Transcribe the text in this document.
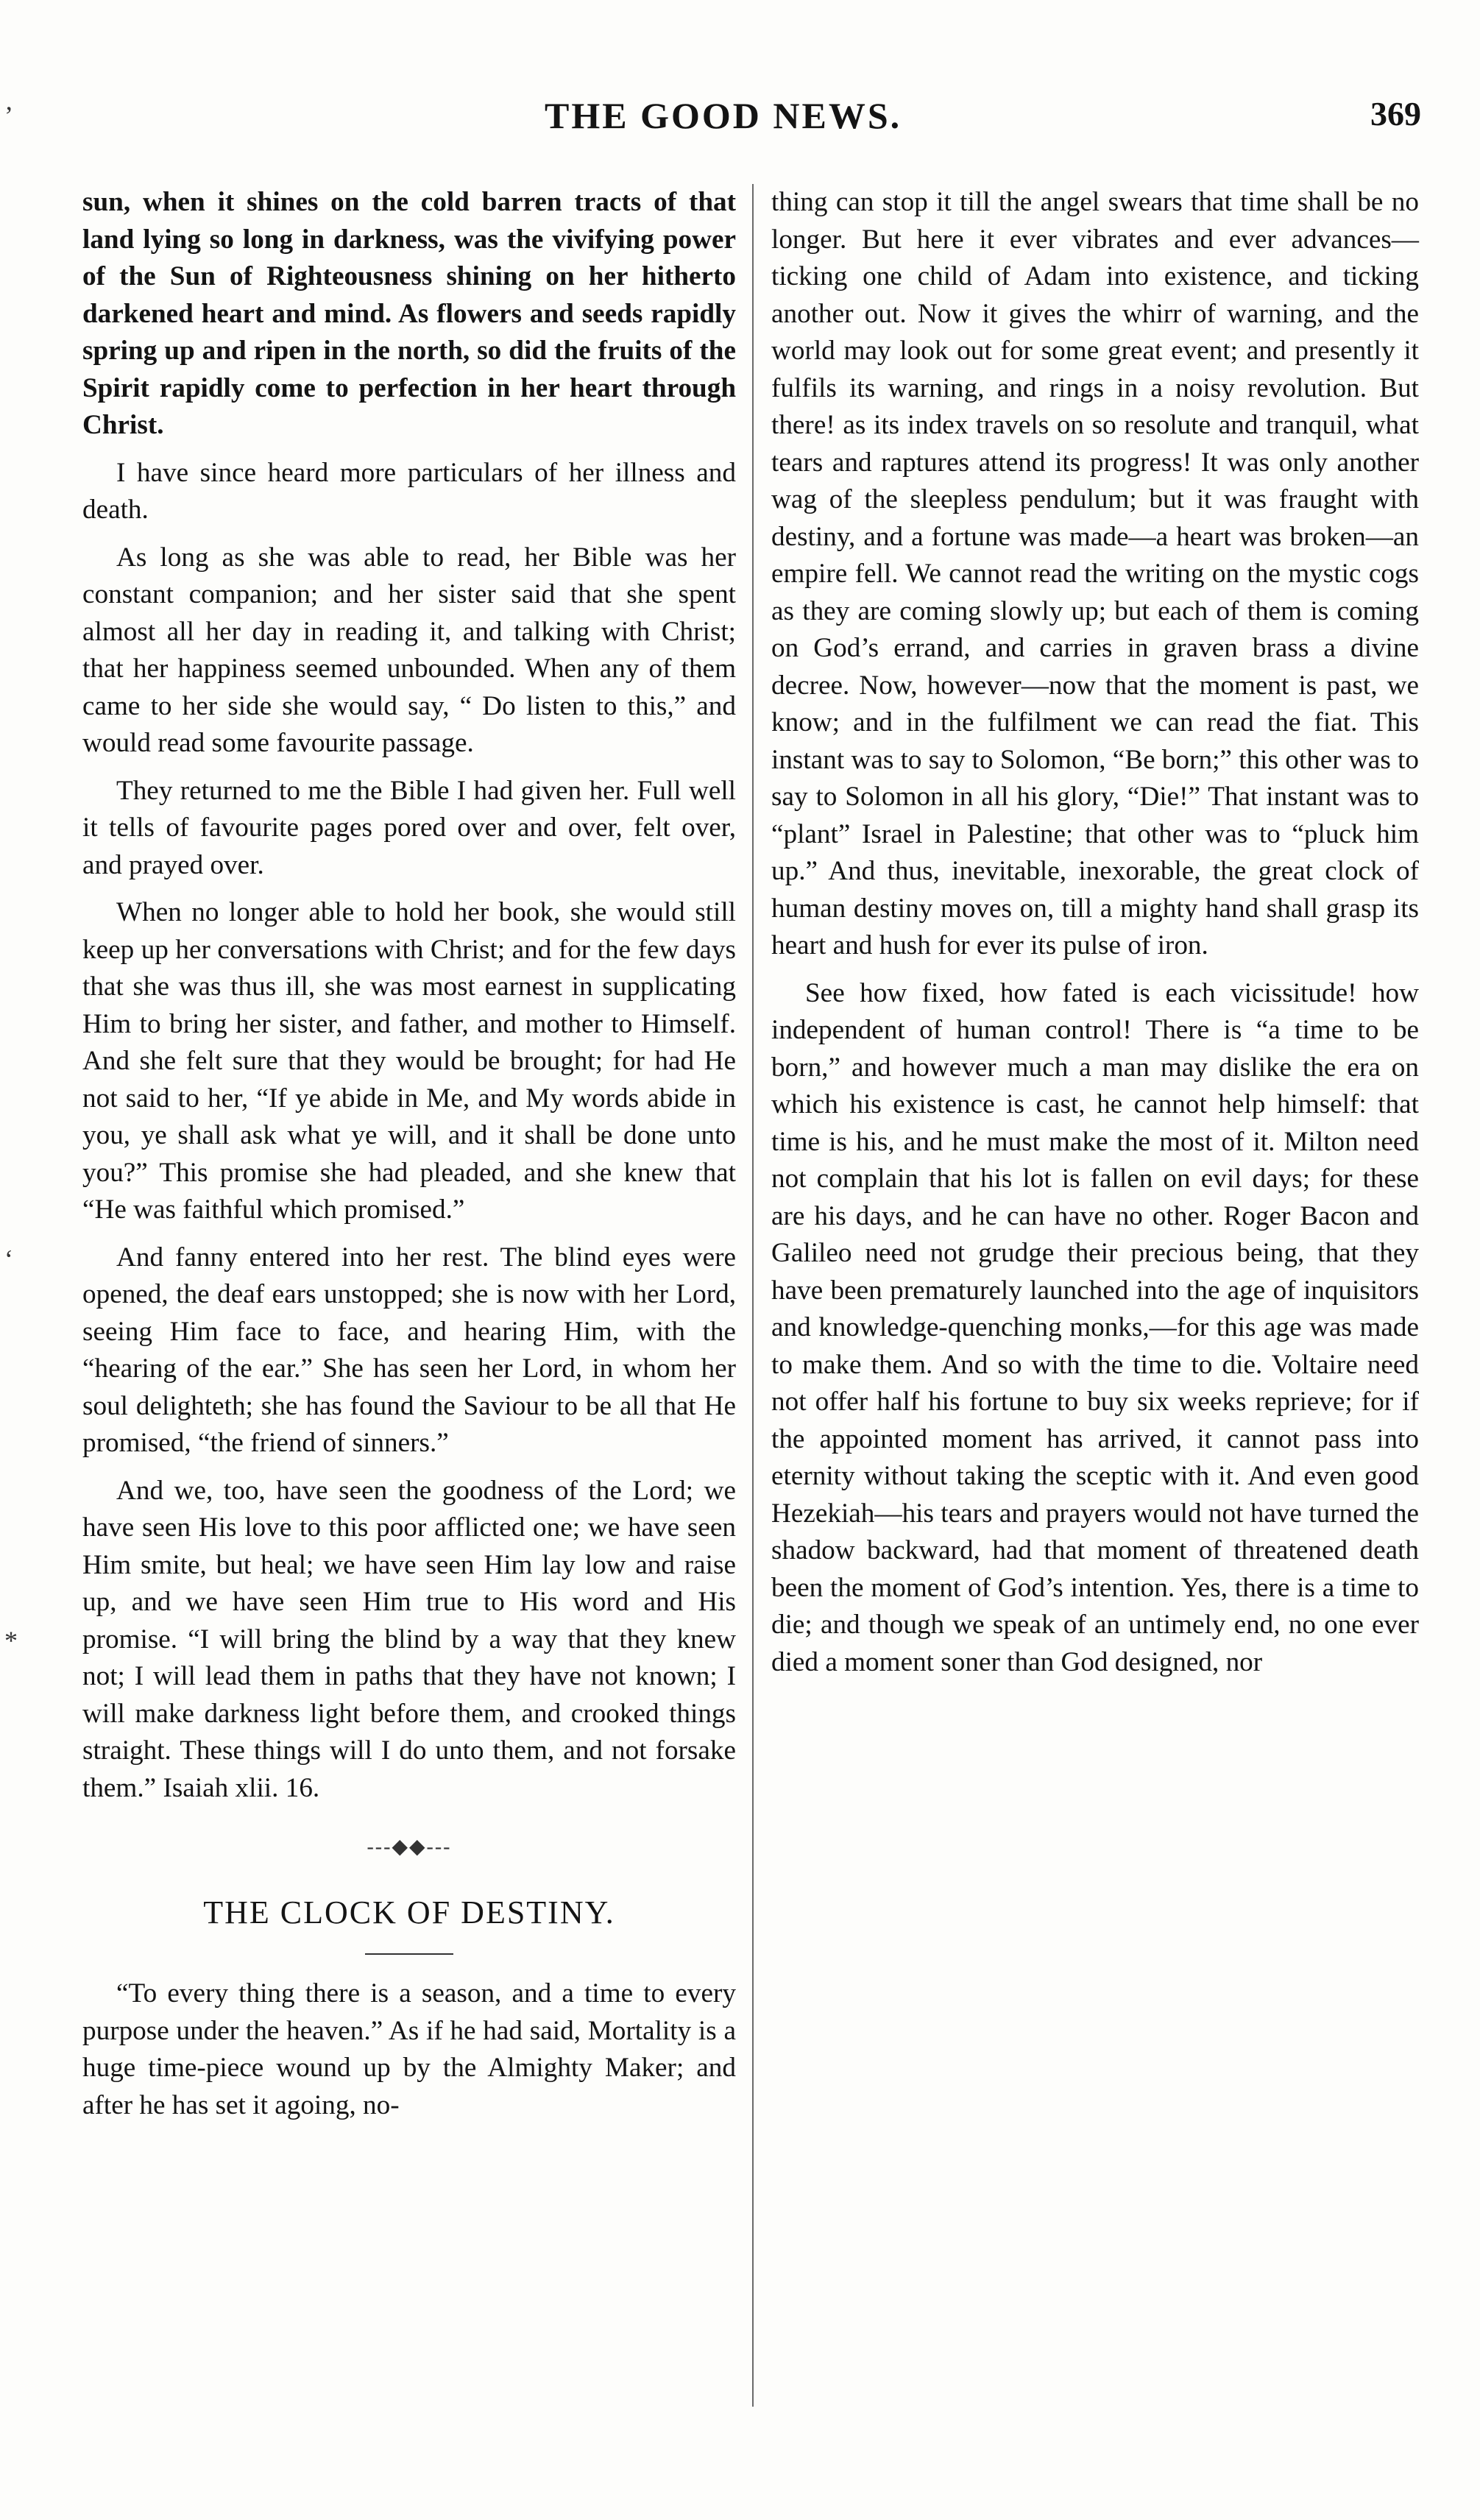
THE GOOD NEWS.	369
’
‘
*

sun, when it shines on the cold barren tracts of that land lying so long in darkness, was the vivifying power of the Sun of Righteousness shining on her hitherto darkened heart and mind. As flowers and seeds rapidly spring up and ripen in the north, so did the fruits of the Spirit rapidly come to perfection in her heart through Christ.

I have since heard more particulars of her illness and death.

As long as she was able to read, her Bible was her constant companion; and her sister said that she spent almost all her day in reading it, and talking with Christ; that her happiness seemed unbounded. When any of them came to her side she would say, “ Do listen to this,” and would read some favourite passage.

They returned to me the Bible I had given her. Full well it tells of favourite pages pored over and over, felt over, and prayed over.

When no longer able to hold her book, she would still keep up her conversations with Christ; and for the few days that she was thus ill, she was most earnest in supplicating Him to bring her sister, and father, and mother to Himself. And she felt sure that they would be brought; for had He not said to her, “If ye abide in Me, and My words abide in you, ye shall ask what ye will, and it shall be done unto you?” This promise she had pleaded, and she knew that “He was faithful which promised.”

And fanny entered into her rest. The blind eyes were opened, the deaf ears unstopped; she is now with her Lord, seeing Him face to face, and hearing Him, with the “hearing of the ear.” She has seen her Lord, in whom her soul delighteth; she has found the Saviour to be all that He promised, “the friend of sinners.”

And we, too, have seen the goodness of the Lord; we have seen His love to this poor afflicted one; we have seen Him smite, but heal; we have seen Him lay low and raise up, and we have seen Him true to His word and His promise. “I will bring the blind by a way that they knew not; I will lead them in paths that they have not known; I will make darkness light before them, and crooked things straight. These things will I do unto them, and not forsake them.” Isaiah xlii. 16.

---◆◆---
THE CLOCK OF DESTINY.

“To every thing there is a season, and a time to every purpose under the heaven.” As if he had said, Mortality is a huge time-piece wound up by the Almighty Maker; and after he has set it agoing, no-

thing can stop it till the angel swears that time shall be no longer. But here it ever vibrates and ever advances—ticking one child of Adam into existence, and ticking another out. Now it gives the whirr of warning, and the world may look out for some great event; and presently it fulfils its warning, and rings in a noisy revolution. But there! as its index travels on so resolute and tranquil, what tears and raptures attend its progress! It was only another wag of the sleepless pendulum; but it was fraught with destiny, and a fortune was made—a heart was broken—an empire fell. We cannot read the writing on the mystic cogs as they are coming slowly up; but each of them is coming on God’s errand, and carries in graven brass a divine decree. Now, however—now that the moment is past, we know; and in the fulfilment we can read the fiat. This instant was to say to Solomon, “Be born;” this other was to say to Solomon in all his glory, “Die!” That instant was to “plant” Israel in Palestine; that other was to “pluck him up.” And thus, inevitable, inexorable, the great clock of human destiny moves on, till a mighty hand shall grasp its heart and hush for ever its pulse of iron.

See how fixed, how fated is each vicissitude! how independent of human control! There is “a time to be born,” and however much a man may dislike the era on which his existence is cast, he cannot help himself: that time is his, and he must make the most of it. Milton need not complain that his lot is fallen on evil days; for these are his days, and he can have no other. Roger Bacon and Galileo need not grudge their precious being, that they have been prematurely launched into the age of inquisitors and knowledge-quenching monks,—for this age was made to make them. And so with the time to die. Voltaire need not offer half his fortune to buy six weeks reprieve; for if the appointed moment has arrived, it cannot pass into eternity without taking the sceptic with it. And even good Hezekiah—his tears and prayers would not have turned the shadow backward, had that moment of threatened death been the moment of God’s intention. Yes, there is a time to die; and though we speak of an untimely end, no one ever died a moment soner than God designed, nor
